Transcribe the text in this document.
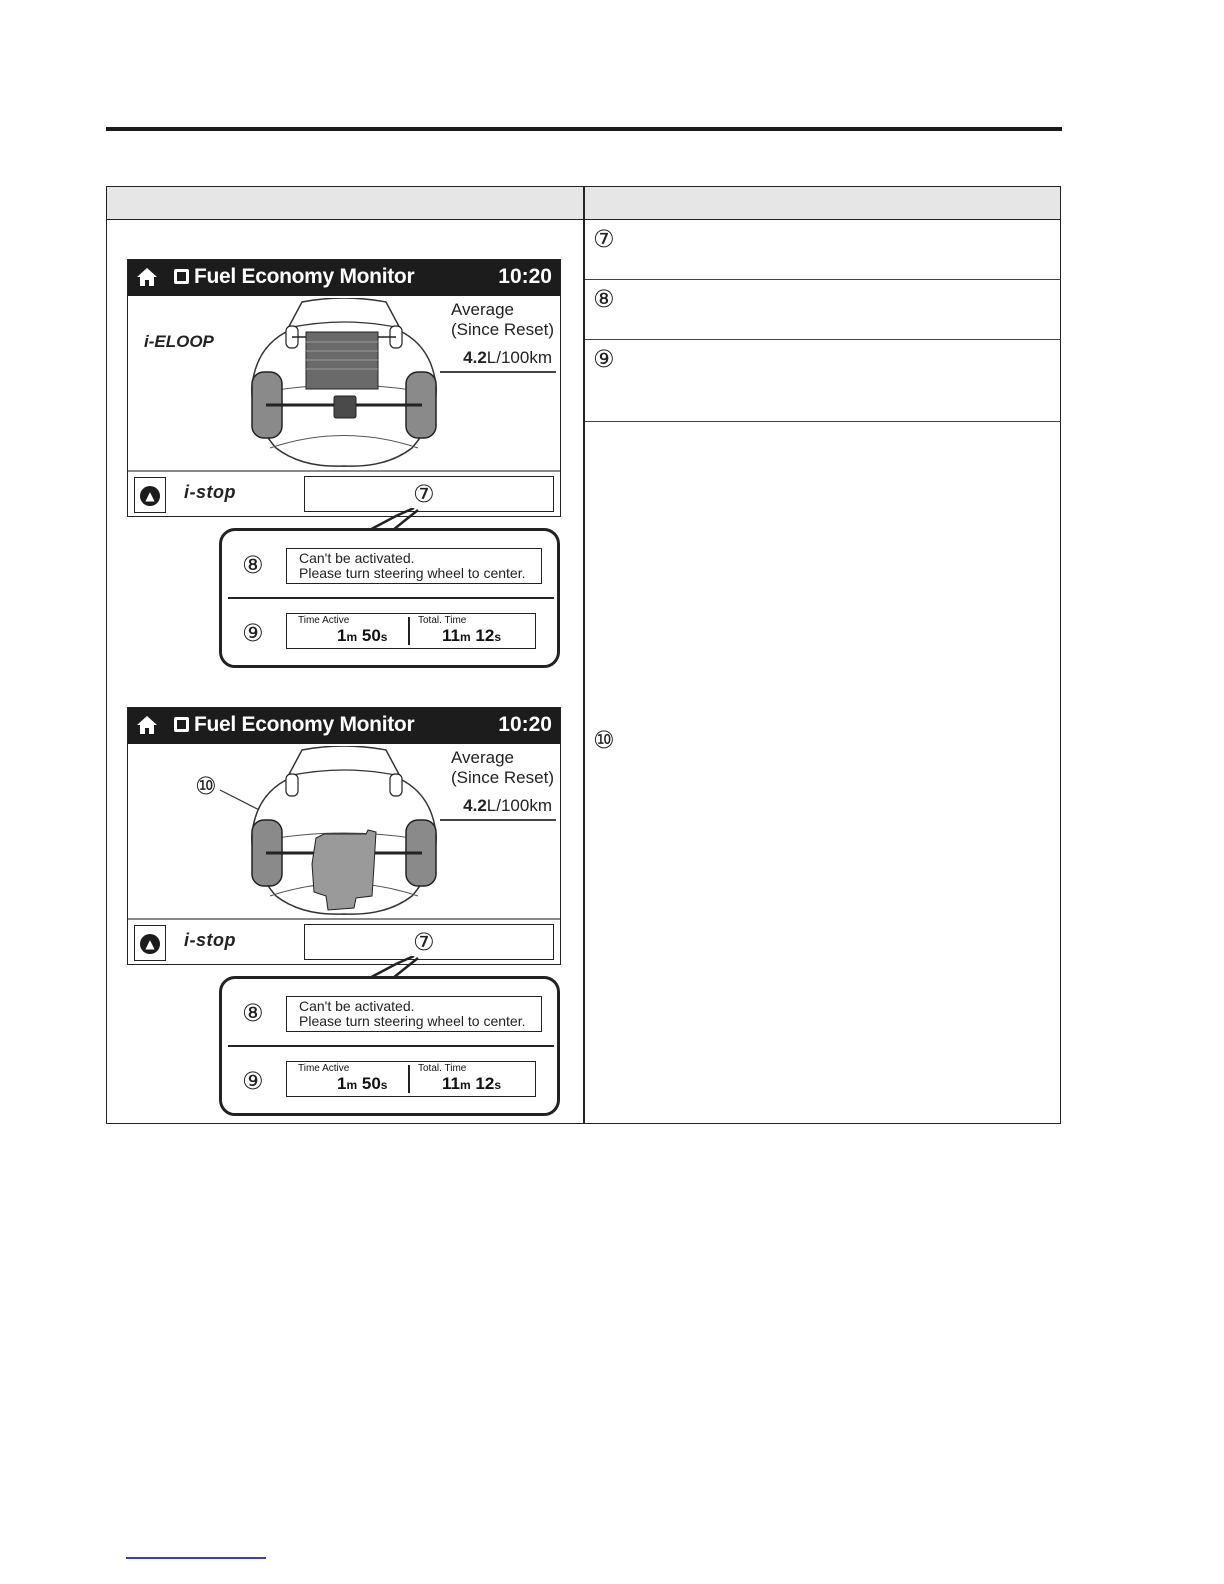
⑦
⑧
⑨
⑩
Fuel Economy Monitor	10:20
i-ELOOP
Average
(Since Reset)
4.2L/100km
▲ i-stop	⑦
⑧	Can't be activated.
Please turn steering wheel to center.
⑨	Time Active
1m 50s
Total. Time
11m 12s
Fuel Economy Monitor	10:20
⑩
Average
(Since Reset)
4.2L/100km
▲ i-stop	⑦
⑧	Can't be activated.
Please turn steering wheel to center.
⑨	Time Active
1m 50s
Total. Time
11m 12s
